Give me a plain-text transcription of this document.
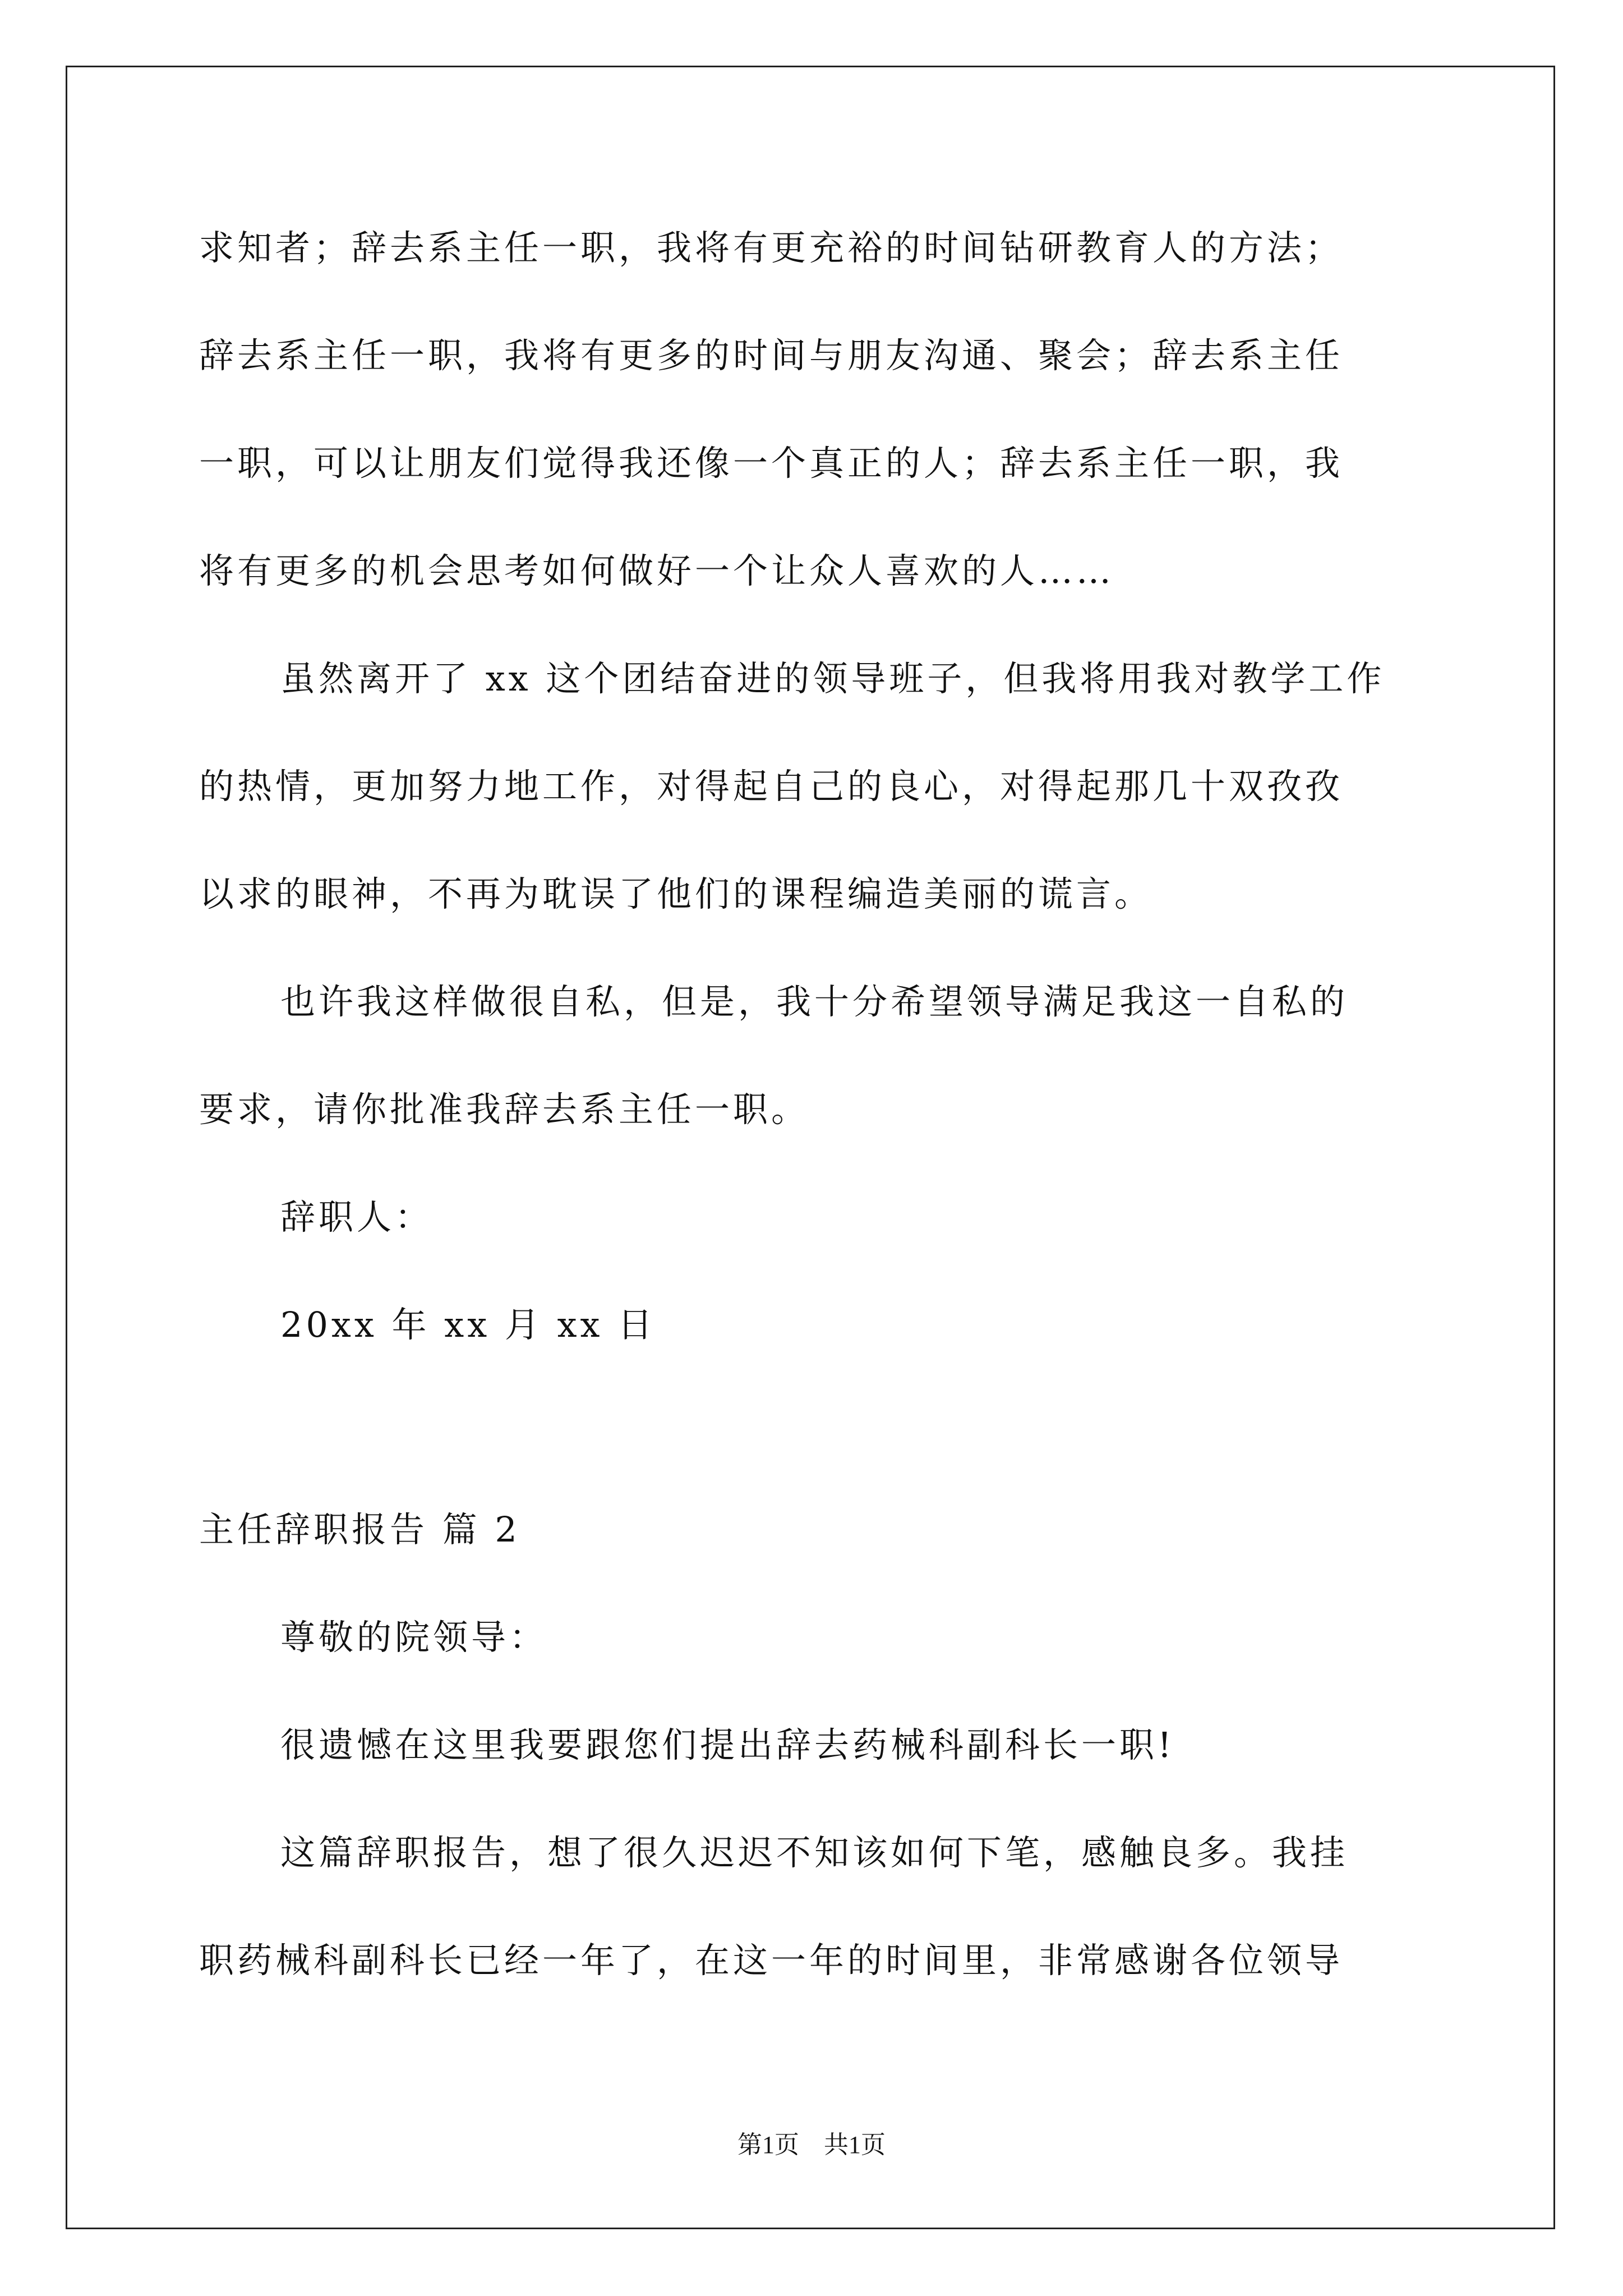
求知者；辞去系主任一职，我将有更充裕的时间钻研教育人的方法；
辞去系主任一职，我将有更多的时间与朋友沟通、聚会；辞去系主任
一职，可以让朋友们觉得我还像一个真正的人；辞去系主任一职，我
将有更多的机会思考如何做好一个让众人喜欢的人……
虽然离开了 xx 这个团结奋进的领导班子，但我将用我对教学工作
的热情，更加努力地工作，对得起自己的良心，对得起那几十双孜孜
以求的眼神，不再为耽误了他们的课程编造美丽的谎言。
也许我这样做很自私，但是，我十分希望领导满足我这一自私的
要求，请你批准我辞去系主任一职。
辞职人：
20xx 年 xx 月 xx 日
主任辞职报告 篇 2
尊敬的院领导：
很遗憾在这里我要跟您们提出辞去药械科副科长一职!
这篇辞职报告，想了很久迟迟不知该如何下笔，感触良多。我挂
职药械科副科长已经一年了，在这一年的时间里，非常感谢各位领导
第1页　共1页
